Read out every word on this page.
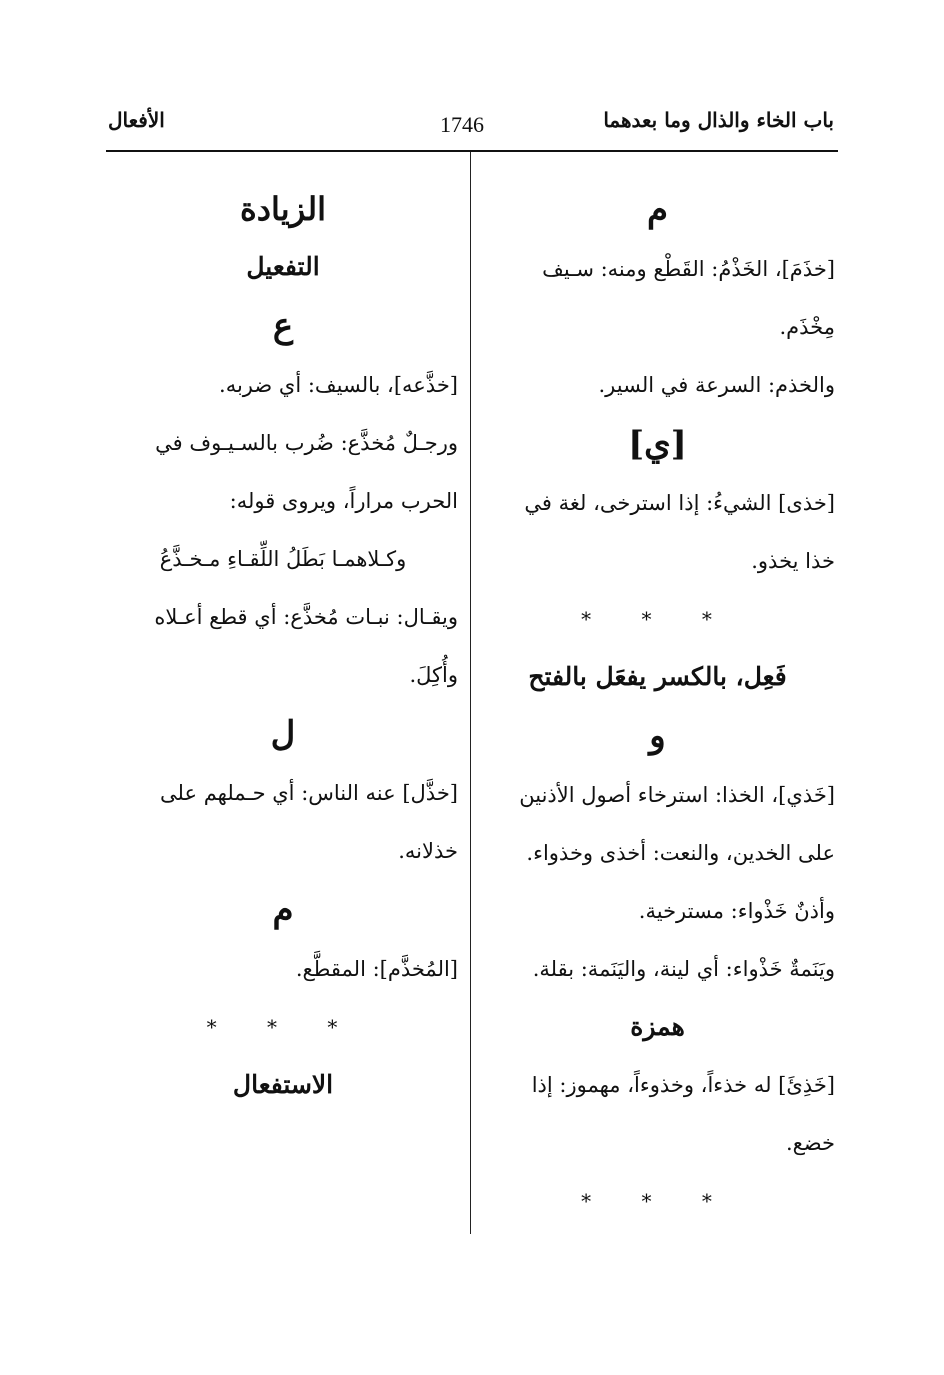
باب الخاء والذال وما بعدهما
1746
الأفعال

م

[خذَمَ]، الخَذْمُ: القَطْع ومنه: سـيف

مِخْذَم.

والخذم: السرعة في السير.

[ي]

[خذى] الشيءُ: إذا استرخى، لغة في

خذا يخذو.

* * *

فَعِل، بالكسر يفعَل بالفتح

و

[خَذي]، الخذا: استرخاء أصول الأذنين

على الخدين، والنعت: أخذى وخذواء.

وأذنٌ خَذْواء: مسترخية.

ويَنَمةٌ خَذْواء: أي لينة، واليَنَمة: بقلة.

همزة

[خَذِئَ] له خذءاً، وخذوءاً، مهموز: إذا

خضع.

* * *

الزيادة

التفعيل

ع

[خذَّعه]، بالسيف: أي ضربه.

ورجـلٌ مُخذَّع: ضُرب بالسـيـوف في

الحرب مراراً، ويروى قوله:

وكـلاهمـا بَطَلُ اللِّقـاءِ مـخـذَّعُ

ويقـال: نبـات مُخذَّع: أي قطع أعـلاه

وأُكِلَ.

ل

[خذَّل] عنه الناس: أي حـملهم على

خذلانه.

م

[المُخذَّم]: المقطَّع.

* * *

الاستفعال
